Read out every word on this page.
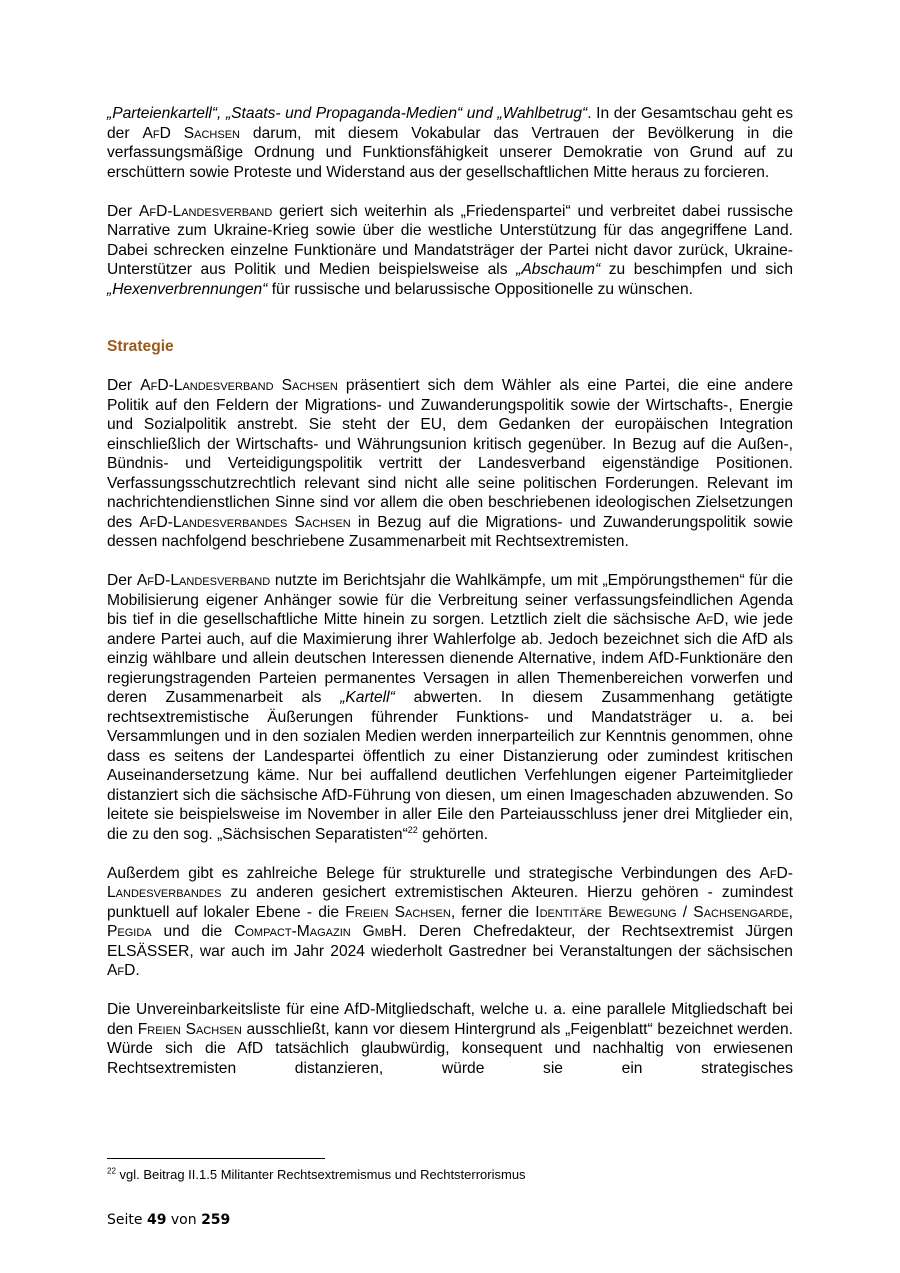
„Parteienkartell“, „Staats- und Propaganda-Medien“ und „Wahlbetrug“. In der Gesamtschau geht es der AfD Sachsen darum, mit diesem Vokabular das Vertrauen der Bevölkerung in die verfassungsmäßige Ordnung und Funktionsfähigkeit unserer Demokratie von Grund auf zu erschüttern sowie Proteste und Widerstand aus der gesellschaftlichen Mitte heraus zu forcieren.

Der AfD-Landesverband geriert sich weiterhin als „Friedenspartei“ und verbreitet dabei russische Narrative zum Ukraine-Krieg sowie über die westliche Unterstützung für das angegriffene Land. Dabei schrecken einzelne Funktionäre und Mandatsträger der Partei nicht davor zurück, Ukraine-Unterstützer aus Politik und Medien beispielsweise als „Abschaum“ zu beschimpfen und sich „Hexenverbrennungen“ für russische und belarussische Oppositionelle zu wünschen.

Strategie

Der AfD-Landesverband Sachsen präsentiert sich dem Wähler als eine Partei, die eine andere Politik auf den Feldern der Migrations- und Zuwanderungspolitik sowie der Wirtschafts-, Energie und Sozialpolitik anstrebt. Sie steht der EU, dem Gedanken der europäischen Integration einschließlich der Wirtschafts- und Währungsunion kritisch gegenüber. In Bezug auf die Außen-, Bündnis- und Verteidigungspolitik vertritt der Landesverband eigenständige Positionen. Verfassungsschutzrechtlich relevant sind nicht alle seine politischen Forderungen. Relevant im nachrichtendienstlichen Sinne sind vor allem die oben beschriebenen ideologischen Zielsetzungen des AfD-Landesverbandes Sachsen in Bezug auf die Migrations- und Zuwanderungspolitik sowie dessen nachfolgend beschriebene Zusammenarbeit mit Rechtsextremisten.

Der AfD-Landesverband nutzte im Berichtsjahr die Wahlkämpfe, um mit „Empörungsthemen“ für die Mobilisierung eigener Anhänger sowie für die Verbreitung seiner verfassungsfeindlichen Agenda bis tief in die gesellschaftliche Mitte hinein zu sorgen. Letztlich zielt die sächsische AfD, wie jede andere Partei auch, auf die Maximierung ihrer Wahlerfolge ab. Jedoch bezeichnet sich die AfD als einzig wählbare und allein deutschen Interessen dienende Alternative, indem AfD-Funktionäre den regierungstragenden Parteien permanentes Versagen in allen Themenbereichen vorwerfen und deren Zusammenarbeit als „Kartell“ abwerten. In diesem Zusammenhang getätigte rechtsextremistische Äußerungen führender Funktions- und Mandatsträger u. a. bei Versammlungen und in den sozialen Medien werden innerparteilich zur Kenntnis genommen, ohne dass es seitens der Landespartei öffentlich zu einer Distanzierung oder zumindest kritischen Auseinandersetzung käme. Nur bei auffallend deutlichen Verfehlungen eigener Parteimitglieder distanziert sich die sächsische AfD-Führung von diesen, um einen Imageschaden abzuwenden. So leitete sie beispielsweise im November in aller Eile den Parteiausschluss jener drei Mitglieder ein, die zu den sog. „Sächsischen Separatisten“$^{22}$ gehörten.

Außerdem gibt es zahlreiche Belege für strukturelle und strategische Verbindungen des AfD-Landesverbandes zu anderen gesichert extremistischen Akteuren. Hierzu gehören - zumindest punktuell auf lokaler Ebene - die Freien Sachsen, ferner die Identitäre Bewegung / Sachsengarde, Pegida und die Compact-Magazin GmbH. Deren Chefredakteur, der Rechtsextremist Jürgen ELSÄSSER, war auch im Jahr 2024 wiederholt Gastredner bei Veranstaltungen der sächsischen AfD.

Die Unvereinbarkeitsliste für eine AfD-Mitgliedschaft, welche u. a. eine parallele Mitgliedschaft bei den Freien Sachsen ausschließt, kann vor diesem Hintergrund als „Feigenblatt“ bezeichnet werden. Würde sich die AfD tatsächlich glaubwürdig, konsequent und nachhaltig von erwiesenen Rechtsextremisten distanzieren, würde sie ein strategisches

$^{22}$ vgl. Beitrag II.1.5 Militanter Rechtsextremismus und Rechtsterrorismus
Seite 49 von 259
